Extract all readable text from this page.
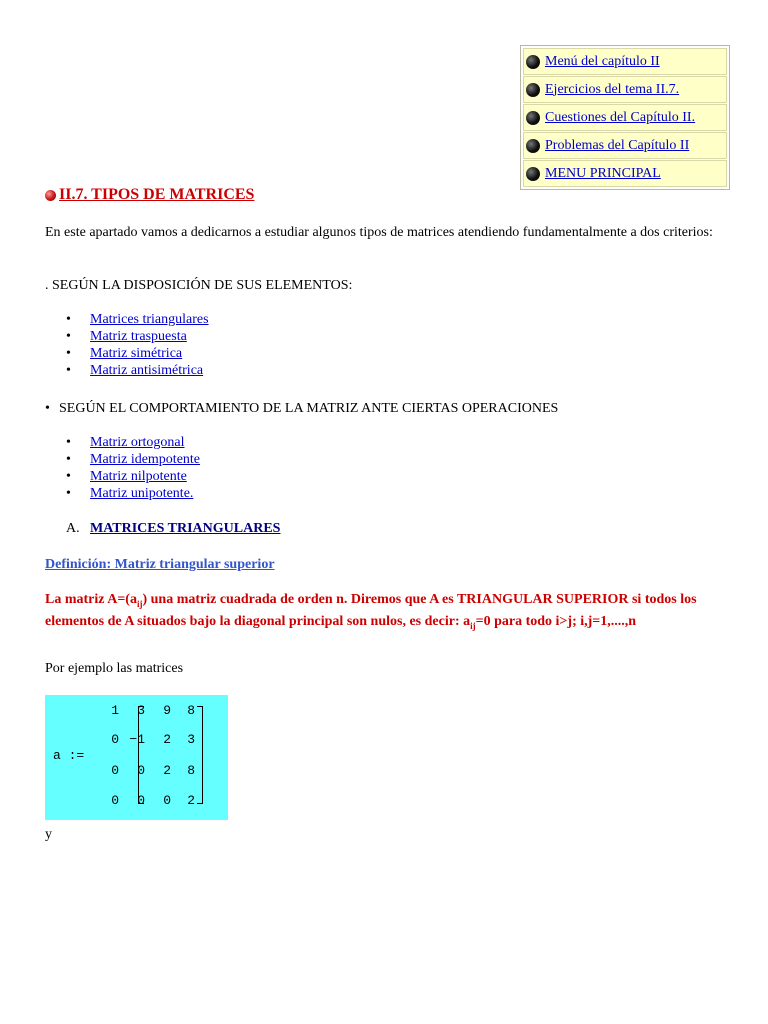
Menú del capítulo II
Ejercicios del tema II.7.
Cuestiones del Capítulo II.
Problemas del Capítulo II
MENU PRINCIPAL
II.7. TIPOS DE MATRICES
En este apartado vamos a dedicarnos a estudiar algunos tipos de matrices atendiendo fundamentalmente a dos criterios:
. SEGÚN LA DISPOSICIÓN DE SUS ELEMENTOS:
• Matrices triangulares
• Matriz traspuesta
• Matriz simétrica
• Matriz antisimétrica
• SEGÚN EL COMPORTAMIENTO DE LA MATRIZ ANTE CIERTAS OPERACIONES
• Matriz ortogonal
• Matriz idempotente
• Matriz nilpotente
• Matriz unipotente.
A. MATRICES TRIANGULARES
Definición: Matriz triangular superior
La matriz $A=(a_{ij})$ una matriz cuadrada de orden n. Diremos que A es TRIANGULAR SUPERIOR si todos los elementos de A situados bajo la diagonal principal son nulos, es decir: $a_{ij}=0$ para todo i>j; i,j=1,....,n
Por ejemplo las matrices
a :=
1	3	9	8
0 −1	2	3
0	0	2	8
0	0	0	2
y
